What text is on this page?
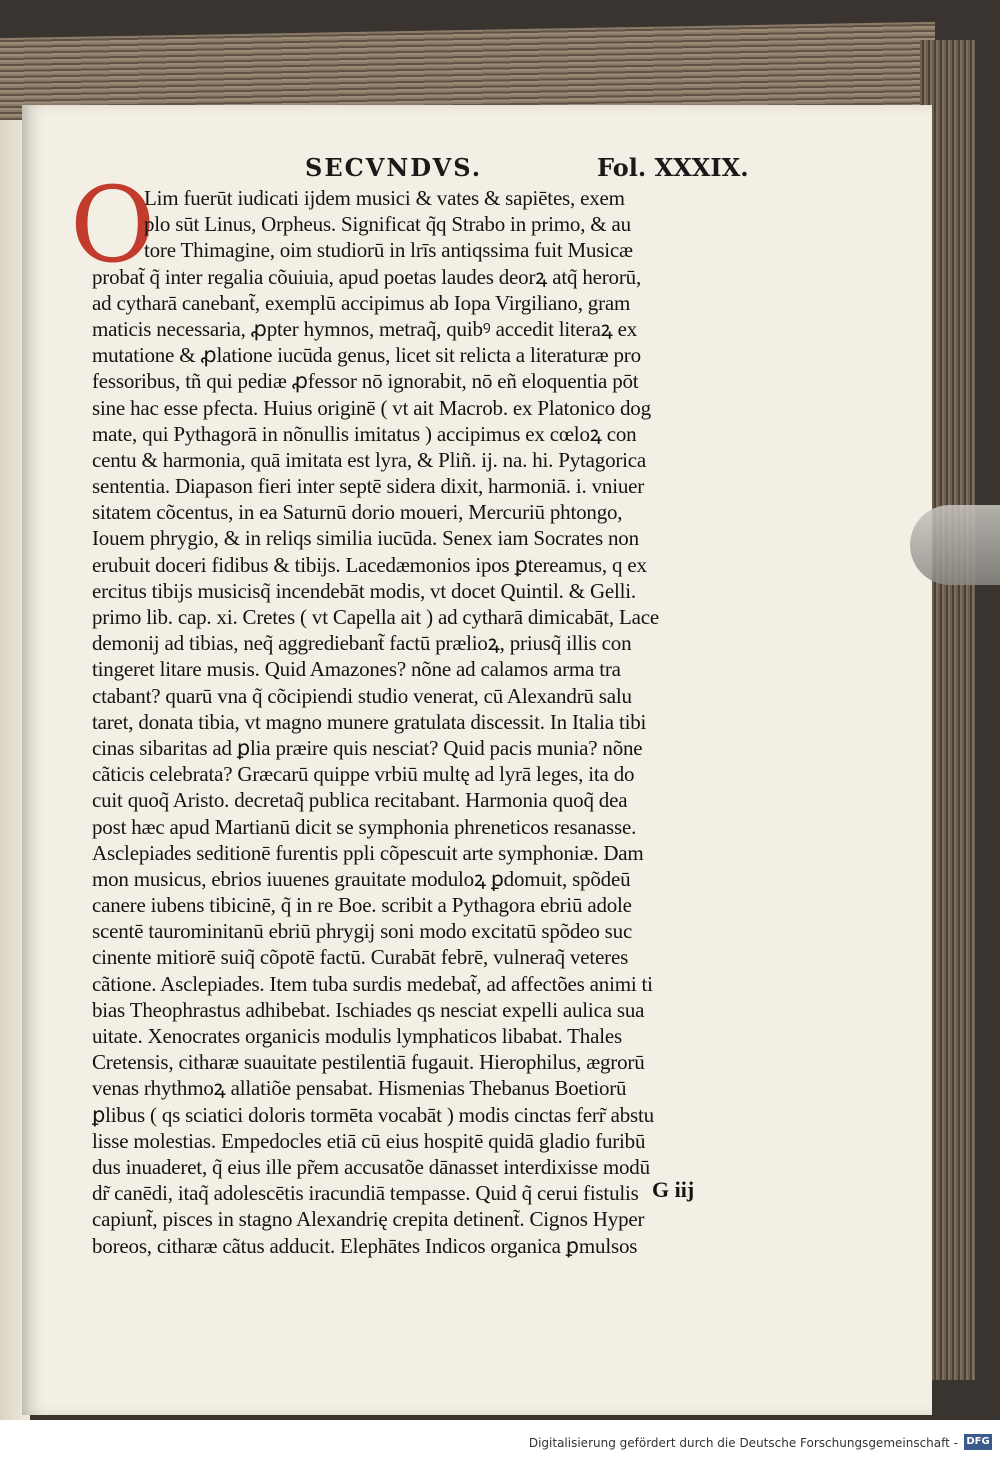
SECVNDVS.	Fol. XXXIX.
O
Lim fuerūt iudicati ijdem musici & vates & sapiētes, exem
plo sūt Linus, Orpheus. Significat q̃q Strabo in primo, & au
tore Thimagine, oim studiorū in lrīs antiqssima fuit Musicæ
probat̃ q̃ inter regalia cõuiuia, apud poetas laudes deorꝝ atq̃ herorū,
ad cytharā canebant̃, exemplū accipimus ab Iopa Virgiliano, gram
maticis necessaria, ꝓpter hymnos, metraq̃, quibꝰ accedit literaꝝ ex
mutatione & ꝓlatione iucūda genus, licet sit relicta a literaturæ pro
fessoribus, tñ qui pediæ ꝓfessor nō ignorabit, nō eñ eloquentia pōt
sine hac esse pfecta. Huius originē ( vt ait Macrob. ex Platonico dog
mate, qui Pythagorā in nõnullis imitatus ) accipimus ex cœloꝝ con
centu & harmonia, quā imitata est lyra, & Pliñ. ij. na. hi. Pytagorica
sententia. Diapason fieri inter septē sidera dixit, harmoniā. i. vniuer
sitatem cõcentus, in ea Saturnū dorio moueri, Mercuriū phtongo,
Iouem phrygio, & in reliqs similia iucūda. Senex iam Socrates non
erubuit doceri fidibus & tibijs. Lacedæmonios ipos ꝑtereamus, q ex
ercitus tibijs musicisq̃ incendebāt modis, vt docet Quintil. & Gelli.
primo lib. cap. xi. Cretes ( vt Capella ait ) ad cytharā dimicabāt, Lace
demonij ad tibias, neq̃ aggrediebant̃ factū prælioꝝ, priusq̃ illis con
tingeret litare musis. Quid Amazones? nõne ad calamos arma tra
ctabant? quarū vna q̃ cõcipiendi studio venerat, cū Alexandrū salu
taret, donata tibia, vt magno munere gratulata discessit. In Italia tibi
cinas sibaritas ad ꝑlia præire quis nesciat? Quid pacis munia? nõne
cãticis celebrata? Græcarū quippe vrbiū multę ad lyrā leges, ita do
cuit quoq̃ Aristo. decretaq̃ publica recitabant. Harmonia quoq̃ dea
post hæc apud Martianū dicit se symphonia phreneticos resanasse.
Asclepiades seditionē furentis ppli cõpescuit arte symphoniæ. Dam
mon musicus, ebrios iuuenes grauitate moduloꝝ ꝑdomuit, spõdeū
canere iubens tibicinē, q̃ in re Boe. scribit a Pythagora ebriū adole
scentē taurominitanū ebriū phrygij soni modo excitatū spõdeo suc
cinente mitiorē suiq̃ cõpotē factū. Curabāt febrē, vulneraq̃ veteres
cãtione. Asclepiades. Item tuba surdis medebat̃, ad affectões animi ti
bias Theophrastus adhibebat. Ischiades qs nesciat expelli aulica sua
uitate. Xenocrates organicis modulis lymphaticos libabat. Thales
Cretensis, citharæ suauitate pestilentiā fugauit. Hierophilus, ægrorū
venas rhythmoꝝ allatiõe pensabat. Hismenias Thebanus Boetiorū
ꝑlibus ( qs sciatici doloris tormēta vocabāt ) modis cinctas ferr̃ abstu
lisse molestias. Empedocles etiā cū eius hospitē quidā gladio furibū
dus inuaderet, q̃ eius ille pr̃em accusatõe dānasset interdixisse modū
dr̃ canēdi, itaq̃ adolescētis iracundiā tempasse. Quid q̃ cerui fistulis
capiunt̃, pisces in stagno Alexandrię crepita detinent̃. Cignos Hyper
boreos, citharæ cãtus adducit. Elephātes Indicos organica ꝑmulsos
G iij
Digitalisierung gefördert durch die Deutsche Forschungsgemeinschaft - DFG
